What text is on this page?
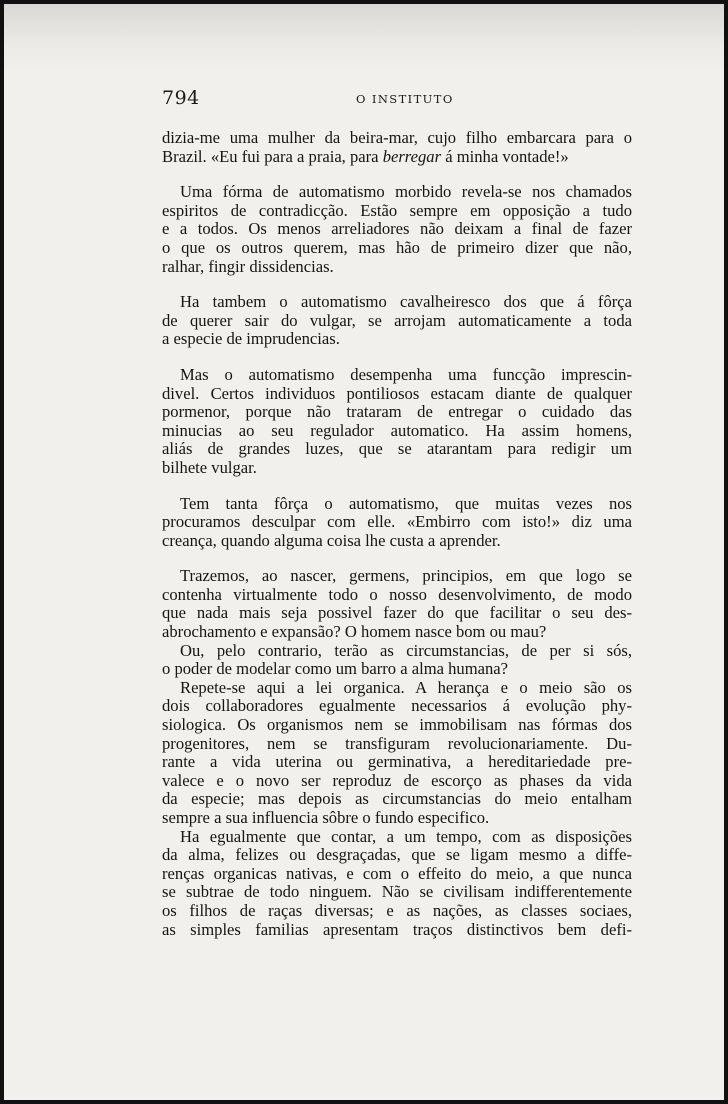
794	O INSTITUTO
dizia-me uma mulher da beira-mar, cujo filho embarcara para o
Brazil. «Eu fui para a praia, para berregar á minha vontade!»
Uma fórma de automatismo morbido revela-se nos chamados
espiritos de contradicção. Estão sempre em opposição a tudo
e a todos. Os menos arreliadores não deixam a final de fazer
o que os outros querem, mas hão de primeiro dizer que não,
ralhar, fingir dissidencias.
Ha tambem o automatismo cavalheiresco dos que á fôrça
de querer sair do vulgar, se arrojam automaticamente a toda
a especie de imprudencias.
Mas o automatismo desempenha uma funcção imprescin-
divel. Certos individuos pontiliosos estacam diante de qualquer
pormenor, porque não trataram de entregar o cuidado das
minucias ao seu regulador automatico. Ha assim homens,
aliás de grandes luzes, que se atarantam para redigir um
bilhete vulgar.
Tem tanta fôrça o automatismo, que muitas vezes nos
procuramos desculpar com elle. «Embirro com isto!» diz uma
creança, quando alguma coisa lhe custa a aprender.
Trazemos, ao nascer, germens, principios, em que logo se
contenha virtualmente todo o nosso desenvolvimento, de modo
que nada mais seja possivel fazer do que facilitar o seu des-
abrochamento e expansão? O homem nasce bom ou mau?
Ou, pelo contrario, terão as circumstancias, de per si sós,
o poder de modelar como um barro a alma humana?
Repete-se aqui a lei organica. A herança e o meio são os
dois collaboradores egualmente necessarios á evolução phy-
siologica. Os organismos nem se immobilisam nas fórmas dos
progenitores, nem se transfiguram revolucionariamente. Du-
rante a vida uterina ou germinativa, a hereditariedade pre-
valece e o novo ser reproduz de escorço as phases da vida
da especie; mas depois as circumstancias do meio entalham
sempre a sua influencia sôbre o fundo especifico.
Ha egualmente que contar, a um tempo, com as disposições
da alma, felizes ou desgraçadas, que se ligam mesmo a diffe-
renças organicas nativas, e com o effeito do meio, a que nunca
se subtrae de todo ninguem. Não se civilisam indifferentemente
os filhos de raças diversas; e as nações, as classes sociaes,
as simples familias apresentam traços distinctivos bem defi-
